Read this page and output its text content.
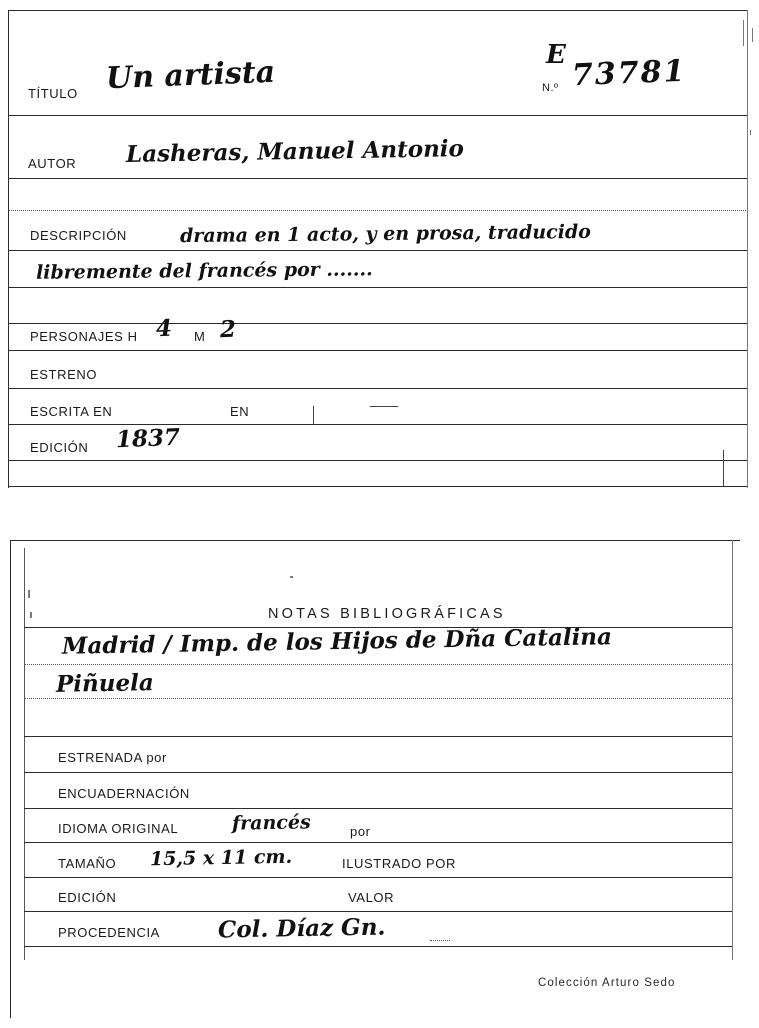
TÍTULO Un artista	E
N.º 73781
AUTOR Lasheras, Manuel Antonio
DESCRIPCIÓN	drama en 1 acto, y en prosa, traducido
libremente del francés por .......
PERSONAJES H 4 M 2
ESTRENO
ESCRITA EN	EN
EDICIÓN 1837
NOTAS BIBLIOGRÁFICAS
Madrid / Imp. de los Hijos de Dña Catalina
Piñuela
ESTRENADA por
ENCUADERNACIÓN
IDIOMA ORIGINAL	francés	por
TAMAÑO 15,5 x 11 cm.	ILUSTRADO POR
EDICIÓN	VALOR
PROCEDENCIA	Col. Díaz Gn.
Colección Arturo Sedo
